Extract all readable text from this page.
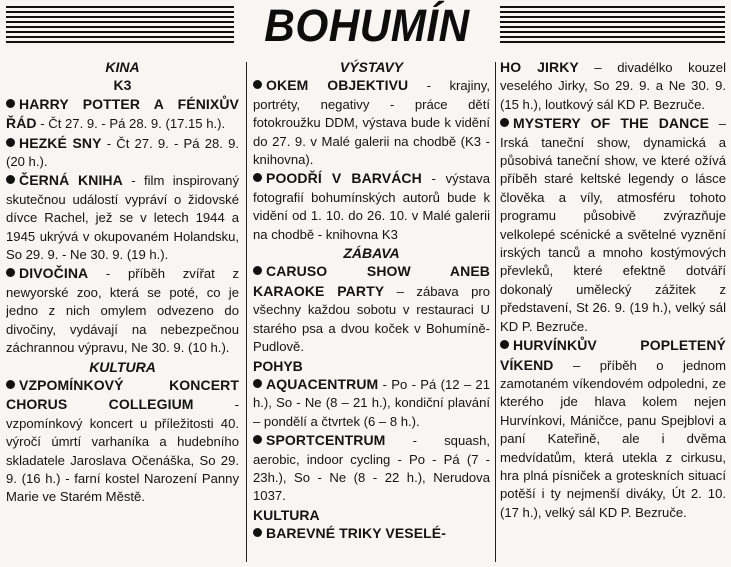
BOHUMÍN

KINA

K3

HARRY POTTER A FÉNIXŮV ŘÁD - Čt 27. 9. - Pá 28. 9. (17.15 h.).

HEZKÉ SNY - Čt 27. 9. - Pá 28. 9. (20 h.).

ČERNÁ KNIHA - film inspirovaný skutečnou událostí vypráví o židovské dívce Rachel, jež se v letech 1944 a 1945 ukrývá v okupovaném Holandsku, So 29. 9. - Ne 30. 9. (19 h.).

DIVOČINA - příběh zvířat z newyorské zoo, která se poté, co je jedno z nich omylem odvezeno do divočiny, vydávají na nebezpečnou záchrannou výpravu, Ne 30. 9. (10 h.).

KULTURA

VZPOMÍNKOVÝ KONCERT CHORUS COLLEGIUM - vzpomínkový koncert u příležitosti 40. výročí úmrtí varhaníka a hudebního skladatele Jaroslava Očenáška, So 29. 9. (16 h.) - farní kostel Narození Panny Marie ve Starém Městě.

VÝSTAVY

OKEM OBJEKTIVU - krajiny, portréty, negativy - práce dětí fotokroužku DDM, výstava bude k vidění do 27. 9. v Malé galerii na chodbě (K3 - knihovna).

POODŘÍ V BARVÁCH - výstava fotografií bohumínských autorů bude k vidění od 1. 10. do 26. 10. v Malé galerii na chodbě - knihovna K3

ZÁBAVA

CARUSO SHOW ANEB KARAOKE PARTY – zábava pro všechny každou sobotu v restauraci U starého psa a dvou koček v Bohumíně-Pudlově.

POHYB

AQUACENTRUM - Po - Pá (12 – 21 h.), So - Ne (8 – 21 h.), kondiční plavání – pondělí a čtvrtek (6 – 8 h.).

SPORTCENTRUM - squash, aerobic, indoor cycling - Po - Pá (7 - 23h.), So - Ne (8 - 22 h.), Nerudova 1037.

KULTURA

BAREVNÉ TRIKY VESELÉ-

HO JIRKY – divadélko kouzel veselého Jirky, So 29. 9. a Ne 30. 9. (15 h.), loutkový sál KD P. Bezruče.

MYSTERY OF THE DANCE – Irská taneční show, dynamická a působivá taneční show, ve které ožívá příběh staré keltské legendy o lásce člověka a víly, atmosféru tohoto programu působivě zvýrazňuje velkolepé scénické a světelné vyznění irských tanců a mnoho kostýmových převleků, které efektně dotváří dokonalý umělecký zážitek z představení, St 26. 9. (19 h.), velký sál KD P. Bezruče.

HURVÍNKŮV POPLETENÝ VÍKEND – příběh o jednom zamotaném víkendovém odpoledni, ze kterého jde hlava kolem nejen Hurvínkovi, Máničce, panu Spejblovi a paní Kateřině, ale i dvěma medvídatům, která utekla z cirkusu, hra plná písniček a groteskních situací potěší i ty nejmenší diváky, Út 2. 10. (17 h.), velký sál KD P. Bezruče.
